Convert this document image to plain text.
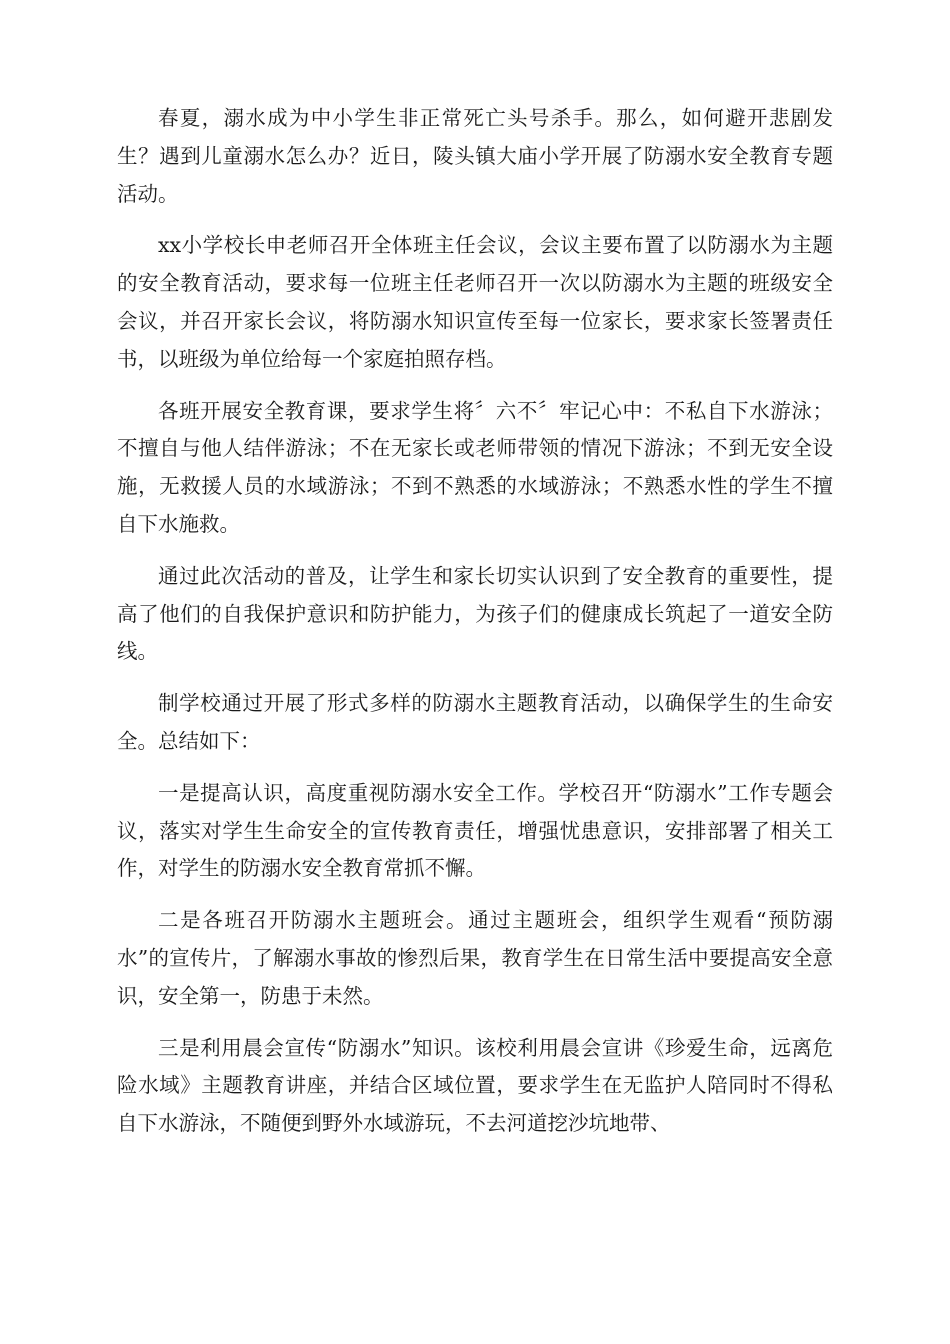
春夏，溺水成为中小学生非正常死亡头号杀手。那么，如何避开悲剧发生？遇到儿童溺水怎么办？近日，陵头镇大庙小学开展了防溺水安全教育专题活动。

xx小学校长申老师召开全体班主任会议，会议主要布置了以防溺水为主题的安全教育活动，要求每一位班主任老师召开一次以防溺水为主题的班级安全会议，并召开家长会议，将防溺水知识宣传至每一位家长，要求家长签署责任书，以班级为单位给每一个家庭拍照存档。

各班开展安全教育课，要求学生将〞六不〞牢记心中：不私自下水游泳；不擅自与他人结伴游泳；不在无家长或老师带领的情况下游泳；不到无安全设施，无救援人员的水域游泳；不到不熟悉的水域游泳；不熟悉水性的学生不擅自下水施救。

通过此次活动的普及，让学生和家长切实认识到了安全教育的重要性，提高了他们的自我保护意识和防护能力，为孩子们的健康成长筑起了一道安全防线。

制学校通过开展了形式多样的防溺水主题教育活动，以确保学生的生命安全。总结如下：

一是提高认识，高度重视防溺水安全工作。学校召开“防溺水”工作专题会议，落实对学生生命安全的宣传教育责任，增强忧患意识，安排部署了相关工作，对学生的防溺水安全教育常抓不懈。

二是各班召开防溺水主题班会。通过主题班会，组织学生观看“预防溺水”的宣传片，了解溺水事故的惨烈后果，教育学生在日常生活中要提高安全意识，安全第一，防患于未然。

三是利用晨会宣传“防溺水”知识。该校利用晨会宣讲《珍爱生命，远离危险水域》主题教育讲座，并结合区域位置，要求学生在无监护人陪同时不得私自下水游泳，不随便到野外水域游玩，不去河道挖沙坑地带、
